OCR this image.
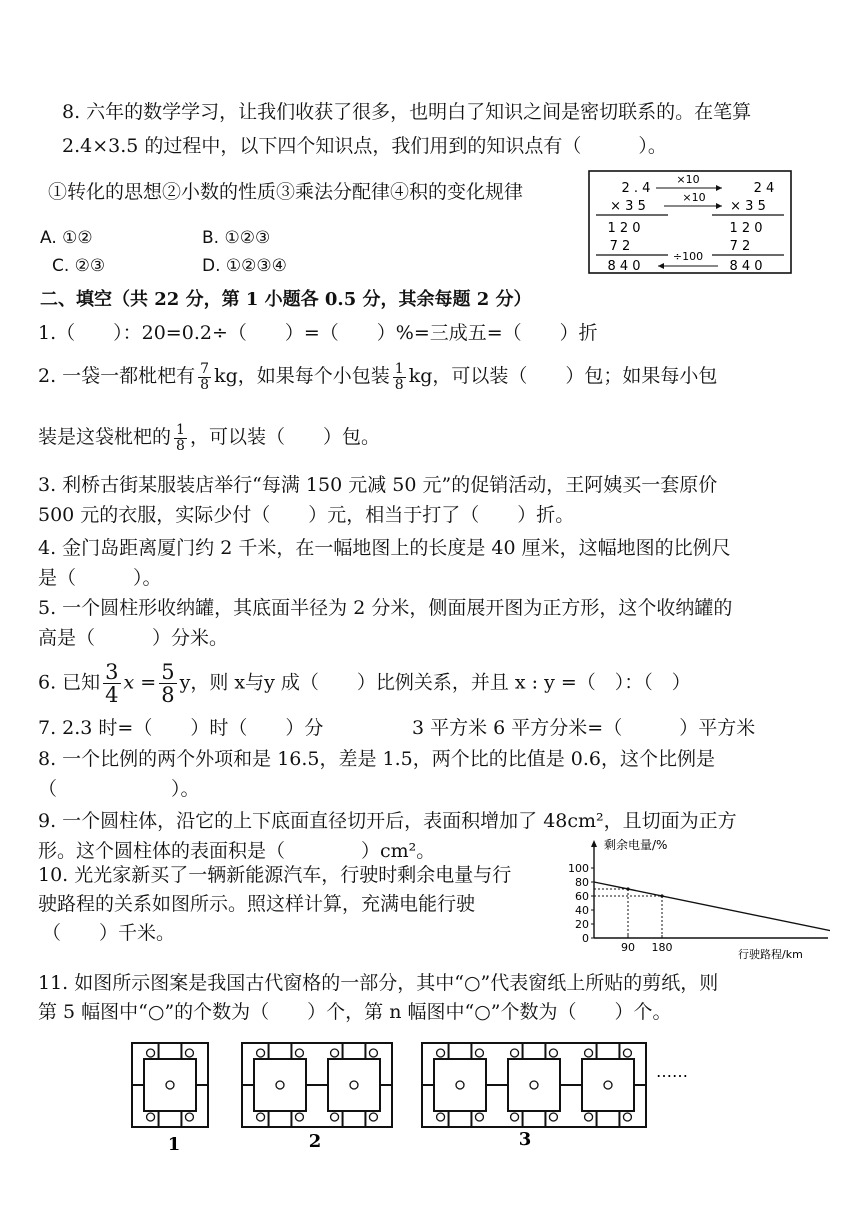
8. 六年的数学学习，让我们收获了很多，也明白了知识之间是密切联系的。在笔算
2.4×3.5 的过程中，以下四个知识点，我们用到的知识点有（　　　）。
①转化的思想②小数的性质③乘法分配律④积的变化规律
A. ①②	B. ①②③
C. ②③	D. ①②③④
2 . 4
× 3 5
1 2 0
7 2
8 4 0
2 4
× 3 5
1 2 0
7 2
8 4 0
×10
×10
÷100
二、填空（共 22 分，第 1 小题各 0.5 分，其余每题 2 分）
1.（　　）：20=0.2÷（　　）=（　　）%=三成五=（　　）折
2. 一袋一都枇杷有 $\frac{7}{8}$ kg，如果每个小包装 $\frac{1}{8}$ kg，可以装（　　）包；如果每小包
装是这袋枇杷的 $\frac{1}{8}$ ，可以装（　　）包。
3. 利桥古街某服装店举行“每满 150 元减 50 元”的促销活动，王阿姨买一套原价
500 元的衣服，实际少付（　　）元，相当于打了（　　）折。
4. 金门岛距离厦门约 2 千米，在一幅地图上的长度是 40 厘米，这幅地图的比例尺
是（　　　）。
5. 一个圆柱形收纳罐，其底面半径为 2 分米，侧面展开图为正方形，这个收纳罐的
高是（　　　）分米。
6. 已知 $\frac{3}{4}$ $x = \frac{5}{8}$ y，则 x与y 成（　　）比例关系，并且 x : y =（　）：（　）
7. 2.3 时=（　　）时（　　）分	3 平方米 6 平方分米=（　　　）平方米
8. 一个比例的两个外项和是 16.5，差是 1.5，两个比的比值是 0.6，这个比例是
（　　　　　　）。
9. 一个圆柱体，沿它的上下底面直径切开后，表面积增加了 48cm²，且切面为正方
形。这个圆柱体的表面积是（　　　　）cm²。
10. 光光家新买了一辆新能源汽车，行驶时剩余电量与行
驶路程的关系如图所示。照这样计算，充满电能行驶
（　　）千米。
剩余电量/%
行驶路程/km
0
20
40
60
80
100
90 180
11. 如图所示图案是我国古代窗格的一部分，其中“○”代表窗纸上所贴的剪纸，则
第 5 幅图中“○”的个数为（　　）个，第 n 幅图中“○”个数为（　　）个。
1	2	3
……
